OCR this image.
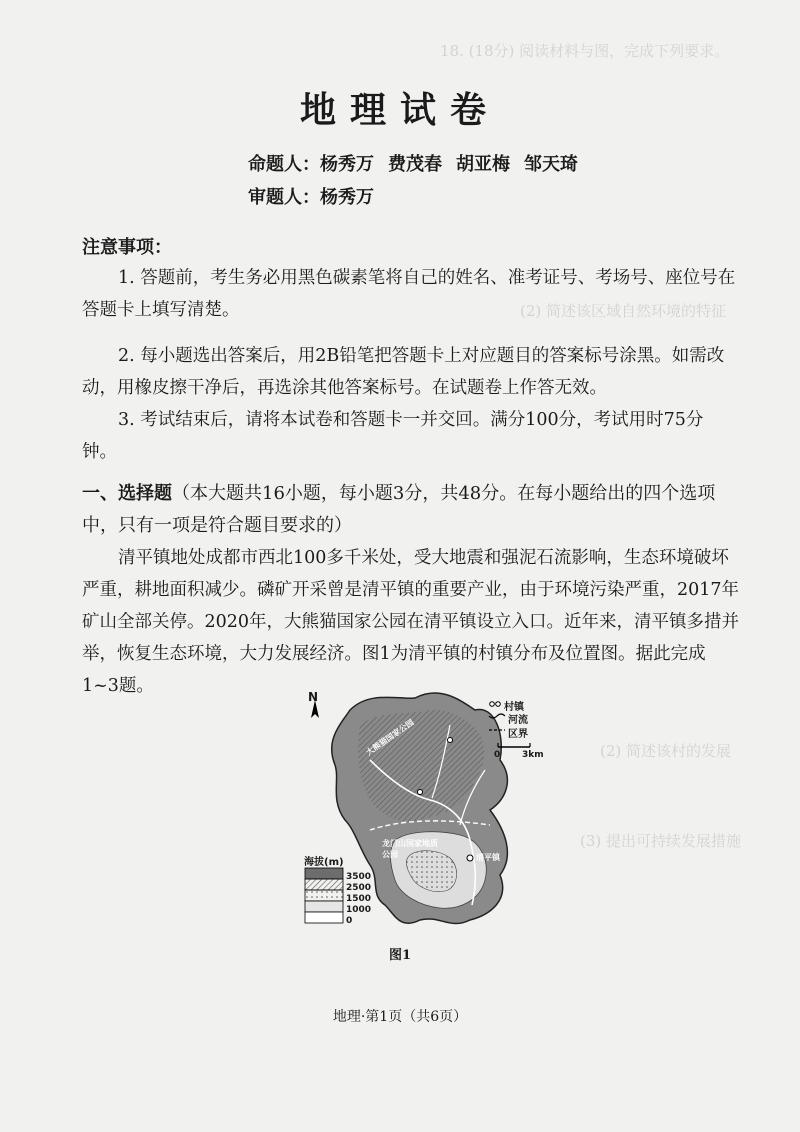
18. (18分) 阅读材料与图，完成下列要求。
(2) 简述该区域自然环境的特征
(2) 简述该村的发展
(3) 提出可持续发展措施
地理试卷
命题人：杨秀万 费茂春 胡亚梅 邹天琦
审题人：杨秀万
注意事项：
1. 答题前，考生务必用黑色碳素笔将自己的姓名、准考证号、考场号、座位号在答题卡上填写清楚。
2. 每小题选出答案后，用2B铅笔把答题卡上对应题目的答案标号涂黑。如需改动，用橡皮擦干净后，再选涂其他答案标号。在试题卷上作答无效。
3. 考试结束后，请将本试卷和答题卡一并交回。满分100分，考试用时75分钟。
一、选择题（本大题共16小题，每小题3分，共48分。在每小题给出的四个选项中，只有一项是符合题目要求的）
清平镇地处成都市西北100多千米处，受大地震和强泥石流影响，生态环境破坏严重，耕地面积减少。磷矿开采曾是清平镇的重要产业，由于环境污染严重，2017年矿山全部关停。2020年，大熊猫国家公园在清平镇设立入口。近年来，清平镇多措并举，恢复生态环境，大力发展经济。图1为清平镇的村镇分布及位置图。据此完成1~3题。
N
村镇
河流
区界
0 3km
大熊猫国家公园
龙门山国家地质公园	清平镇
海拔(m)
3500
2500
1500
1000
0
图1
地理·第1页（共6页）
